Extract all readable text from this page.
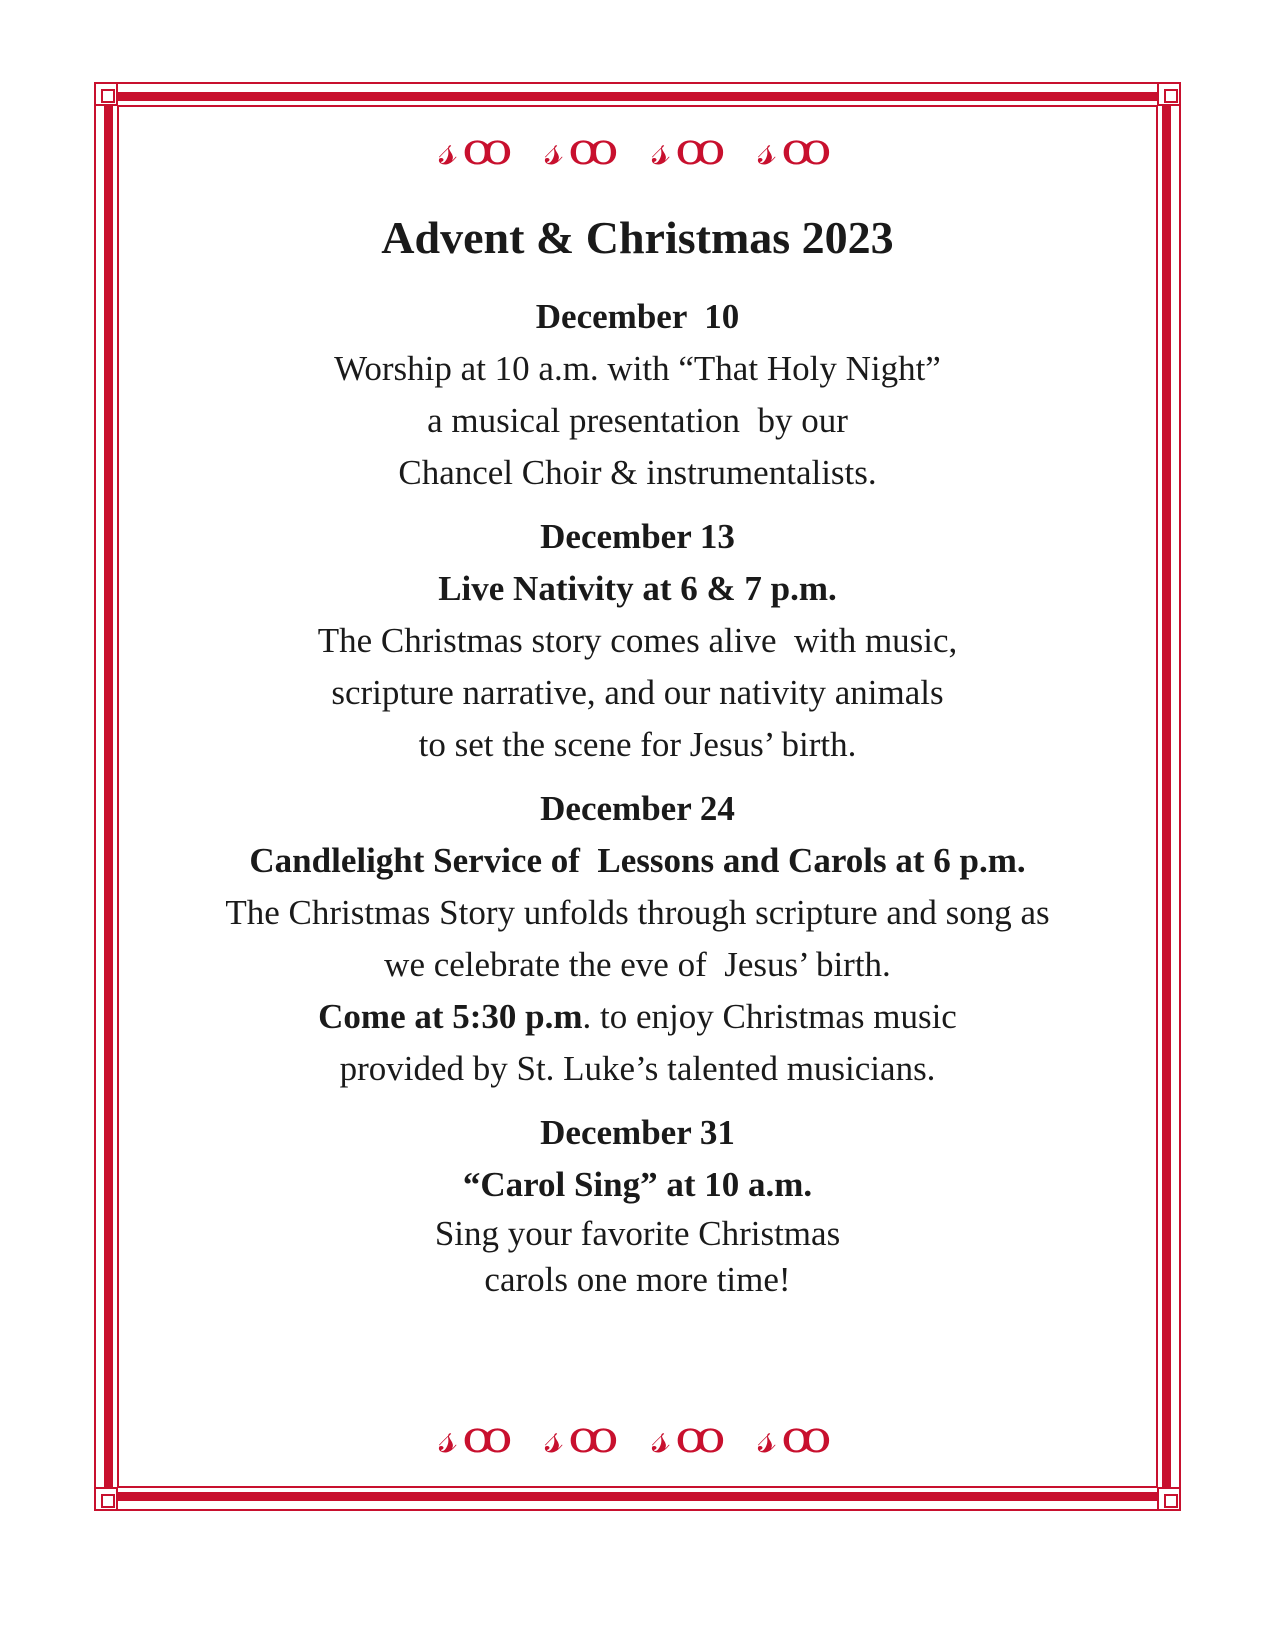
𝓈ꝏ 𝓈ꝏ 𝓈ꝏ 𝓈ꝏ
Advent & Christmas 2023
December  10
Worship at 10 a.m. with “That Holy Night”
a musical presentation  by our
Chancel Choir & instrumentalists.
December 13
Live Nativity at 6 & 7 p.m.
The Christmas story comes alive  with music,
scripture narrative, and our nativity animals
to set the scene for Jesus’ birth.
December 24
Candlelight Service of  Lessons and Carols at 6 p.m.
The Christmas Story unfolds through scripture and song as
we celebrate the eve of  Jesus’ birth.
Come at 5:30 p.m. to enjoy Christmas music
provided by St. Luke’s talented musicians.
December 31
“Carol Sing” at 10 a.m.
Sing your favorite Christmas
carols one more time!
𝓈ꝏ 𝓈ꝏ 𝓈ꝏ 𝓈ꝏ
